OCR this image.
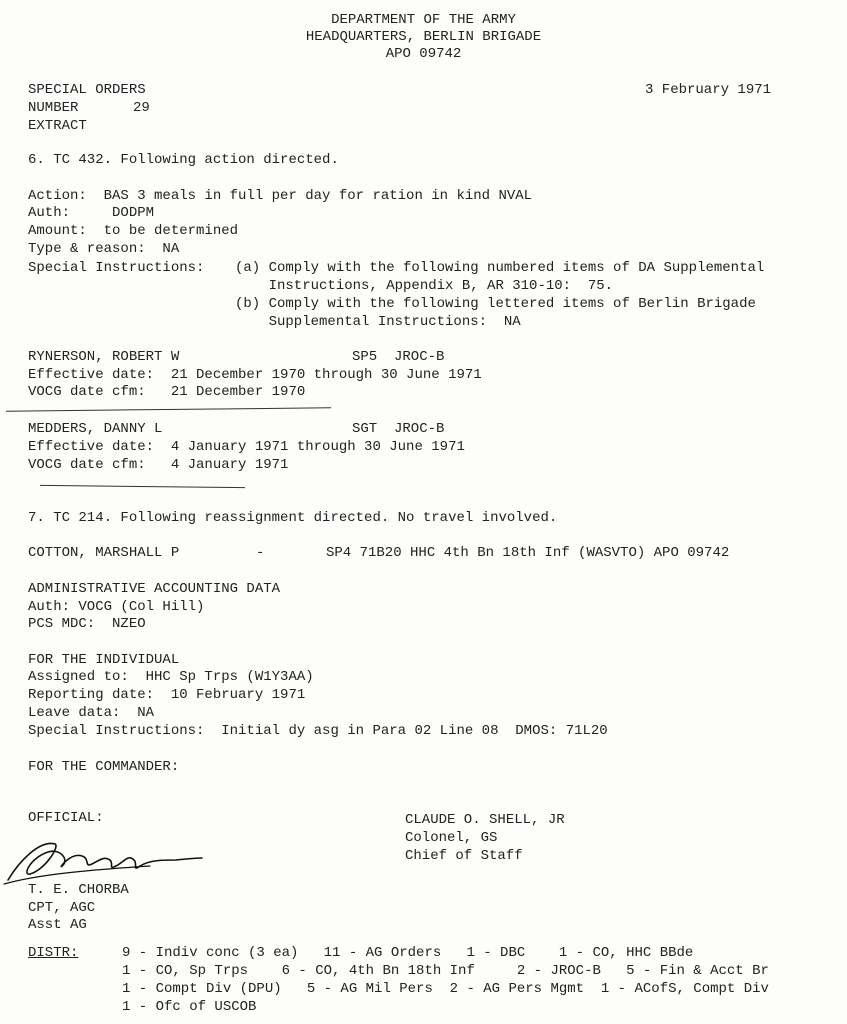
DEPARTMENT OF THE ARMY
HEADQUARTERS, BERLIN BRIGADE
APO 09742
SPECIAL ORDERS
NUMBER	29
EXTRACT
3 February 1971
6. TC 432. Following action directed.
Action:  BAS 3 meals in full per day for ration in kind NVAL
Auth:     DODPM
Amount:  to be determined
Type & reason:  NA
Special Instructions: (a) Comply with the following numbered items of DA Supplemental
Instructions, Appendix B, AR 310-10:  75.
(b) Comply with the following lettered items of Berlin Brigade
Supplemental Instructions:  NA
RYNERSON, ROBERT W	SP5  JROC-B
Effective date:  21 December 1970 through 30 June 1971
VOCG date cfm:   21 December 1970
MEDDERS, DANNY L	SGT  JROC-B
Effective date:  4 January 1971 through 30 June 1971
VOCG date cfm:   4 January 1971
7. TC 214. Following reassignment directed. No travel involved.
COTTON, MARSHALL P	-	SP4 71B20 HHC 4th Bn 18th Inf (WASVTO) APO 09742
ADMINISTRATIVE ACCOUNTING DATA
Auth: VOCG (Col Hill)
PCS MDC:  NZEO
FOR THE INDIVIDUAL
Assigned to:  HHC Sp Trps (W1Y3AA)
Reporting date:  10 February 1971
Leave data:  NA
Special Instructions:  Initial dy asg in Para 02 Line 08  DMOS: 71L20
FOR THE COMMANDER:
OFFICIAL:	CLAUDE O. SHELL, JR
Colonel, GS
Chief of Staff
T. E. CHORBA
CPT, AGC
Asst AG
DISTR:	9 - Indiv conc (3 ea)   11 - AG Orders   1 - DBC    1 - CO, HHC BBde
1 - CO, Sp Trps    6 - CO, 4th Bn 18th Inf     2 - JROC-B   5 - Fin & Acct Br
1 - Compt Div (DPU)   5 - AG Mil Pers  2 - AG Pers Mgmt  1 - ACofS, Compt Div
1 - Ofc of USCOB
